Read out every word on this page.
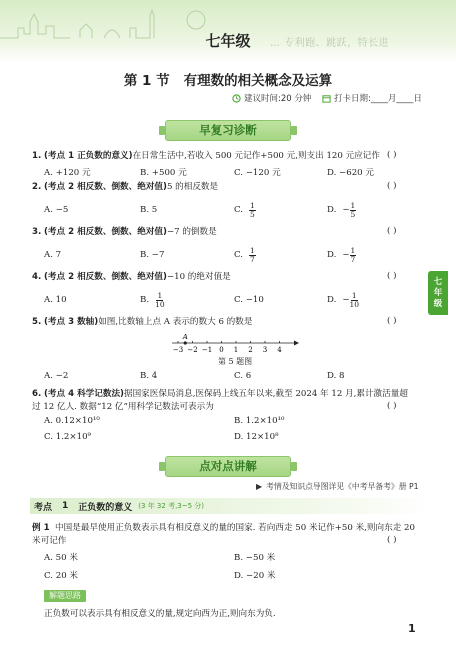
七年级	… 专利跑、跳跃，特长进
第 1 节 有理数的相关概念及运算
建议时间:20 分钟	打卡日期:____月____日
早复习诊断
1. (考点 1 正负数的意义)在日常生活中,若收入 500 元记作+500 元,则支出 120 元应记作 ( )
A. +120 元	B. +500 元	C. −120 元	D. −620 元
2. (考点 2 相反数、倒数、绝对值)5 的相反数是	( )
A. −5	B. 5	C. $\frac{1}{5}$	D. − $\frac{1}{5}$
3. (考点 2 相反数、倒数、绝对值)−7 的倒数是	( )
A. 7	B. −7	C. $\frac{1}{7}$	D. − $\frac{1}{7}$
4. (考点 2 相反数、倒数、绝对值)−10 的绝对值是	( )
A. 10	B. $\frac{1}{10}$	C. −10	D. − $\frac{1}{10}$
七
年
级
5. (考点 3 数轴)如图,比数轴上点 A 表示的数大 6 的数是	( )
−3 −2 −1 0 1 2 3 4
A
第 5 题图
A. −2	B. 4	C. 6	D. 8
6. (考点 4 科学记数法)据国家医保局消息,医保码上线五年以来,截至 2024 年 12 月,累计激活量超过 12 亿人. 数据“12 亿”用科学记数法可表示为	( )
A. 0.12×10¹⁰	B. 1.2×10¹⁰
C. 1.2×10⁹	D. 12×10⁸
点对点讲解
▶ 考情及知识点导图详见《中考早备考》册 P1
考点 1 正负数的意义 (3 年 32 考,3~5 分)
例 1 中国是最早使用正负数表示具有相反意义的量的国家. 若向西走 50 米记作+50 米,则向东走 20 米可记作	( )
A. 50 米	B. −50 米
C. 20 米	D. −20 米
解题思路
正负数可以表示具有相反意义的量,规定向西为正,则向东为负.
1
